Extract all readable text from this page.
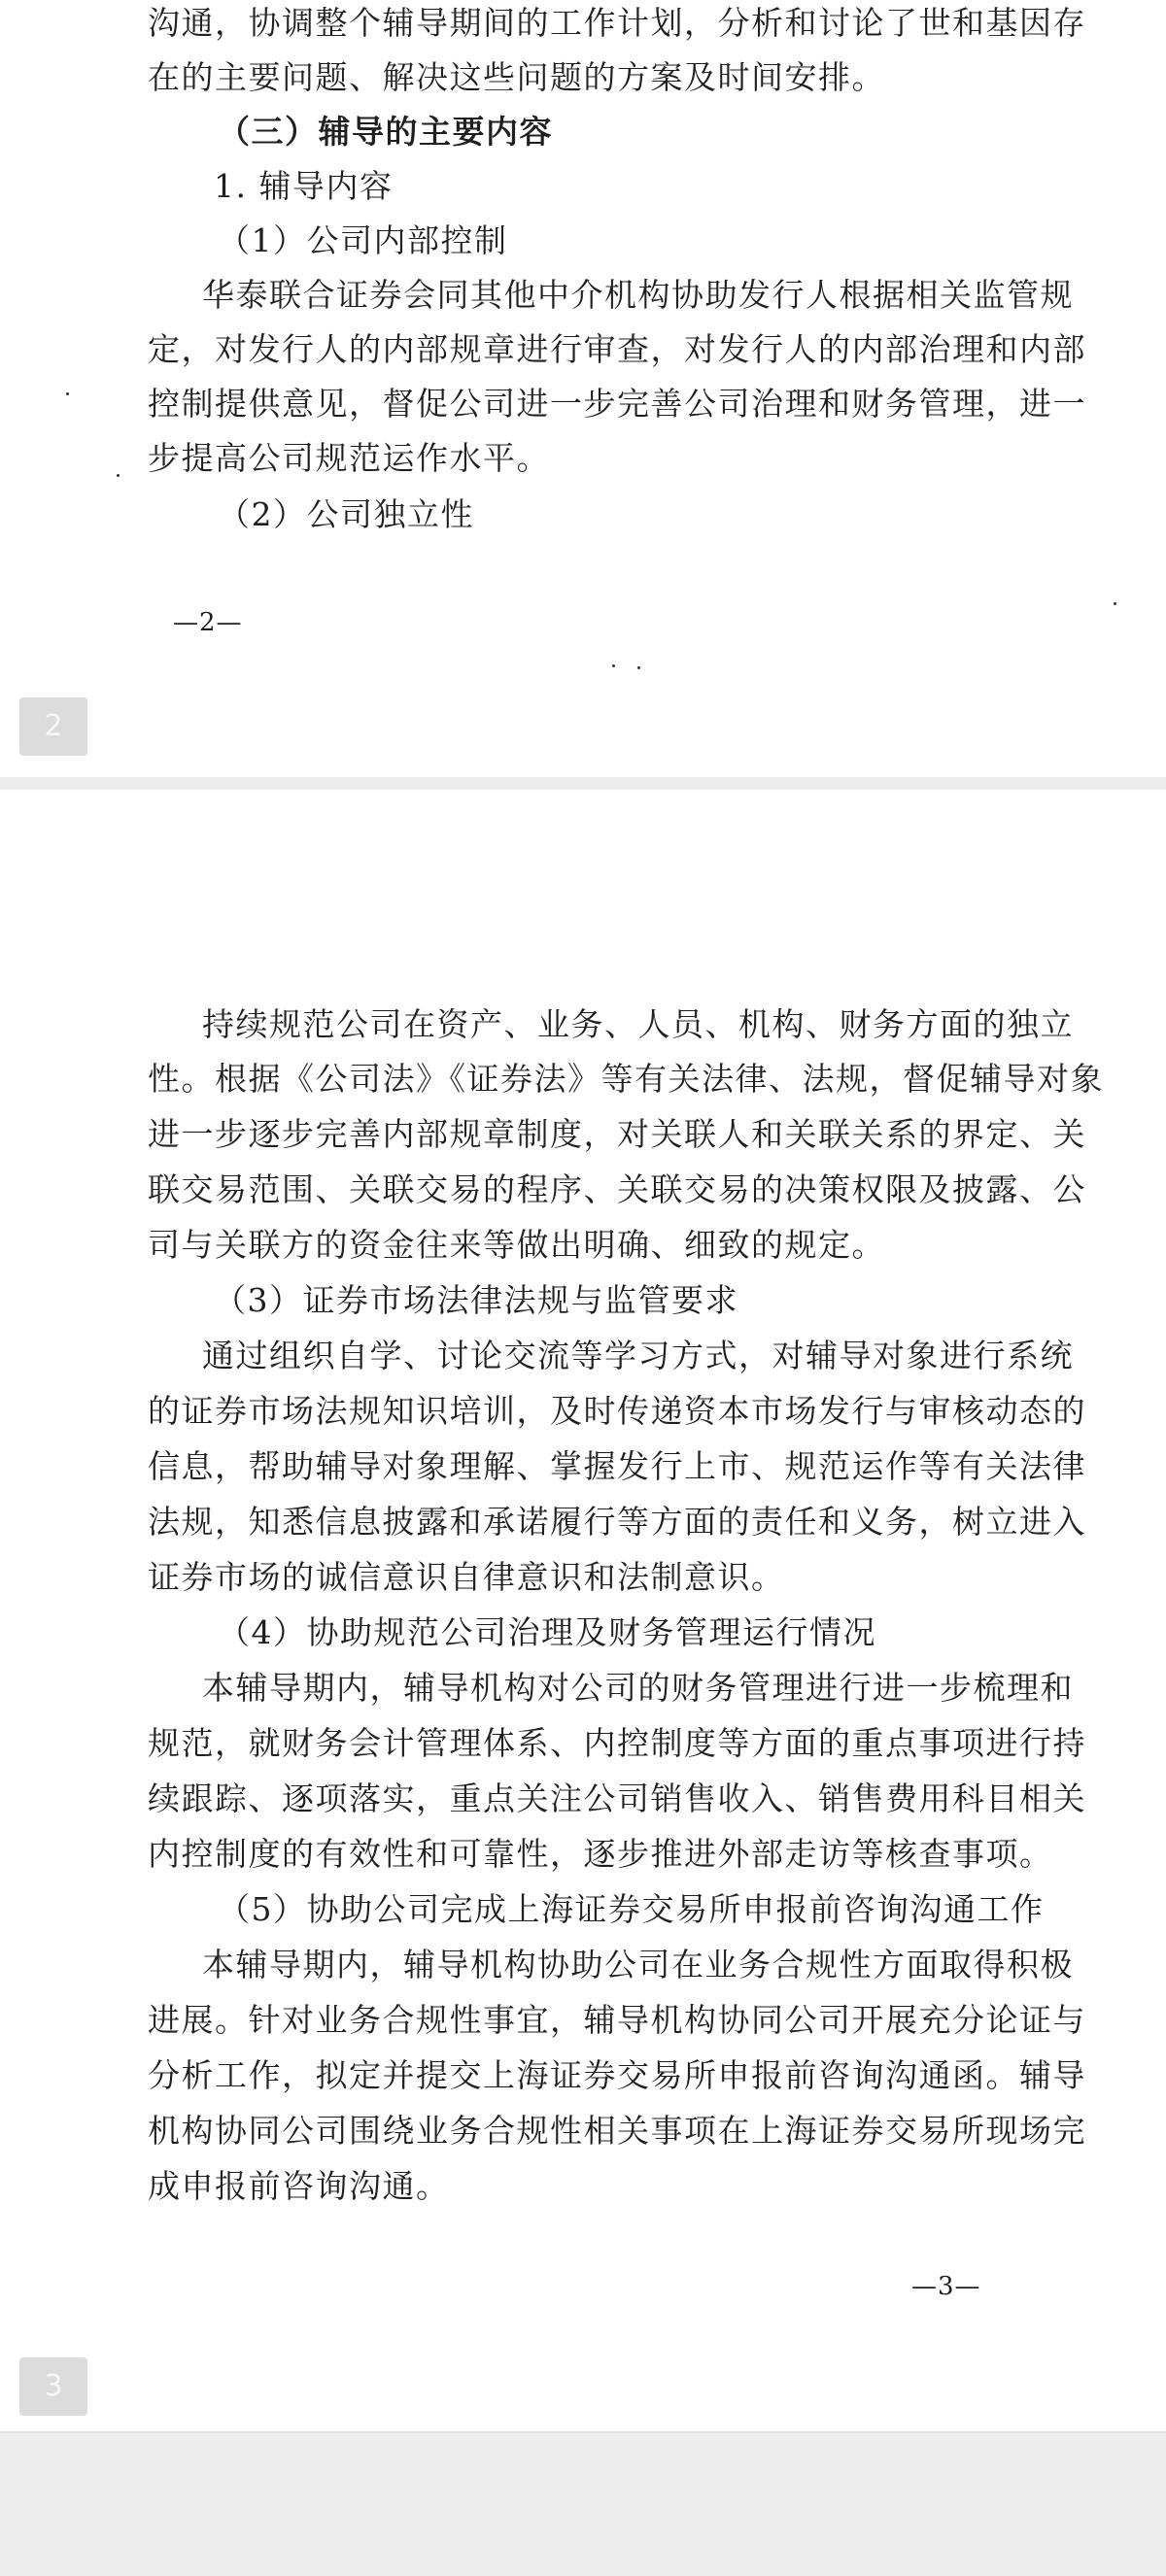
沟通，协调整个辅导期间的工作计划，分析和讨论了世和基因存
在的主要问题、解决这些问题的方案及时间安排。
（三）辅导的主要内容
1. 辅导内容
（1）公司内部控制
华泰联合证券会同其他中介机构协助发行人根据相关监管规
定，对发行人的内部规章进行审查，对发行人的内部治理和内部
控制提供意见，督促公司进一步完善公司治理和财务管理，进一
步提高公司规范运作水平。
（2）公司独立性
—2—
2
持续规范公司在资产、业务、人员、机构、财务方面的独立
性。根据《公司法》《证券法》等有关法律、法规，督促辅导对象
进一步逐步完善内部规章制度，对关联人和关联关系的界定、关
联交易范围、关联交易的程序、关联交易的决策权限及披露、公
司与关联方的资金往来等做出明确、细致的规定。
（3）证券市场法律法规与监管要求
通过组织自学、讨论交流等学习方式，对辅导对象进行系统
的证券市场法规知识培训，及时传递资本市场发行与审核动态的
信息，帮助辅导对象理解、掌握发行上市、规范运作等有关法律
法规，知悉信息披露和承诺履行等方面的责任和义务，树立进入
证券市场的诚信意识自律意识和法制意识。
（4）协助规范公司治理及财务管理运行情况
本辅导期内，辅导机构对公司的财务管理进行进一步梳理和
规范，就财务会计管理体系、内控制度等方面的重点事项进行持
续跟踪、逐项落实，重点关注公司销售收入、销售费用科目相关
内控制度的有效性和可靠性，逐步推进外部走访等核查事项。
（5）协助公司完成上海证券交易所申报前咨询沟通工作
本辅导期内，辅导机构协助公司在业务合规性方面取得积极
进展。针对业务合规性事宜，辅导机构协同公司开展充分论证与
分析工作，拟定并提交上海证券交易所申报前咨询沟通函。辅导
机构协同公司围绕业务合规性相关事项在上海证券交易所现场完
成申报前咨询沟通。
—3—
3
